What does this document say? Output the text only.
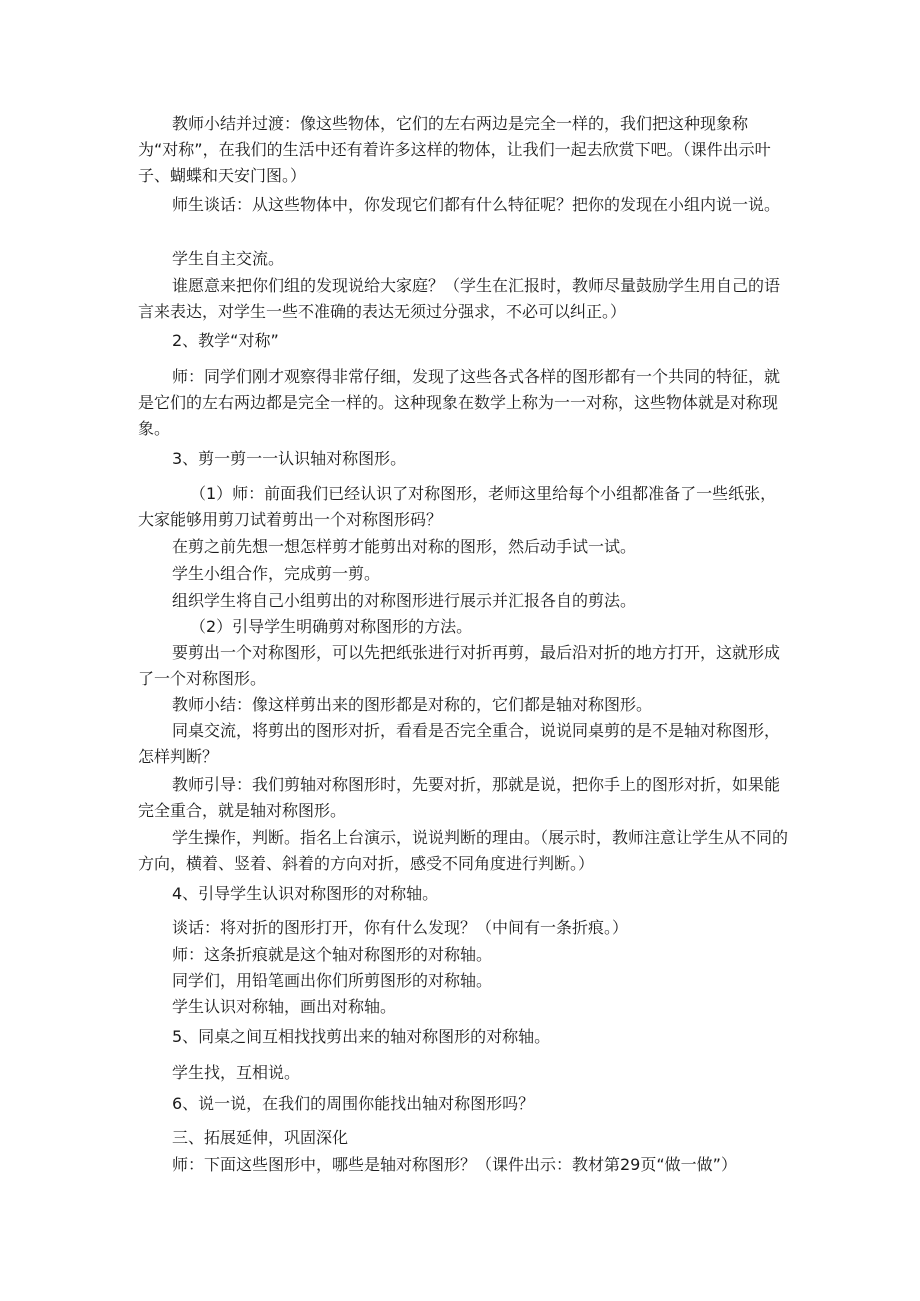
教师小结并过渡：像这些物体，它们的左右两边是完全一样的，我们把这种现象称为“对称”，在我们的生活中还有着许多这样的物体，让我们一起去欣赏下吧。（课件出示叶子、蝴蝶和天安门图。）

师生谈话：从这些物体中，你发现它们都有什么特征呢？把你的发现在小组内说一说。

学生自主交流。

谁愿意来把你们组的发现说给大家庭？（学生在汇报时，教师尽量鼓励学生用自己的语言来表达，对学生一些不准确的表达无须过分强求，不必可以纠正。）

2、教学“对称”

师：同学们刚才观察得非常仔细，发现了这些各式各样的图形都有一个共同的特征，就是它们的左右两边都是完全一样的。这种现象在数学上称为一一对称，这些物体就是对称现象。

3、剪一剪一一认识轴对称图形。

（1）师：前面我们已经认识了对称图形，老师这里给每个小组都准备了一些纸张，大家能够用剪刀试着剪出一个对称图形码？

在剪之前先想一想怎样剪才能剪出对称的图形，然后动手试一试。

学生小组合作，完成剪一剪。

组织学生将自己小组剪出的对称图形进行展示并汇报各自的剪法。

（2）引导学生明确剪对称图形的方法。

要剪出一个对称图形，可以先把纸张进行对折再剪，最后沿对折的地方打开，这就形成了一个对称图形。

教师小结：像这样剪出来的图形都是对称的，它们都是轴对称图形。

同桌交流，将剪出的图形对折，看看是否完全重合，说说同桌剪的是不是轴对称图形，怎样判断？

教师引导：我们剪轴对称图形时，先要对折，那就是说，把你手上的图形对折，如果能完全重合，就是轴对称图形。

学生操作，判断。指名上台演示，说说判断的理由。（展示时，教师注意让学生从不同的方向，横着、竖着、斜着的方向对折，感受不同角度进行判断。）

4、引导学生认识对称图形的对称轴。

谈话：将对折的图形打开，你有什么发现？（中间有一条折痕。）

师：这条折痕就是这个轴对称图形的对称轴。

同学们，用铅笔画出你们所剪图形的对称轴。

学生认识对称轴，画出对称轴。

5、同桌之间互相找找剪出来的轴对称图形的对称轴。

学生找，互相说。

6、说一说，在我们的周围你能找出轴对称图形吗？

三、拓展延伸，巩固深化

师：下面这些图形中，哪些是轴对称图形？（课件出示：教材第29页“做一做”）
